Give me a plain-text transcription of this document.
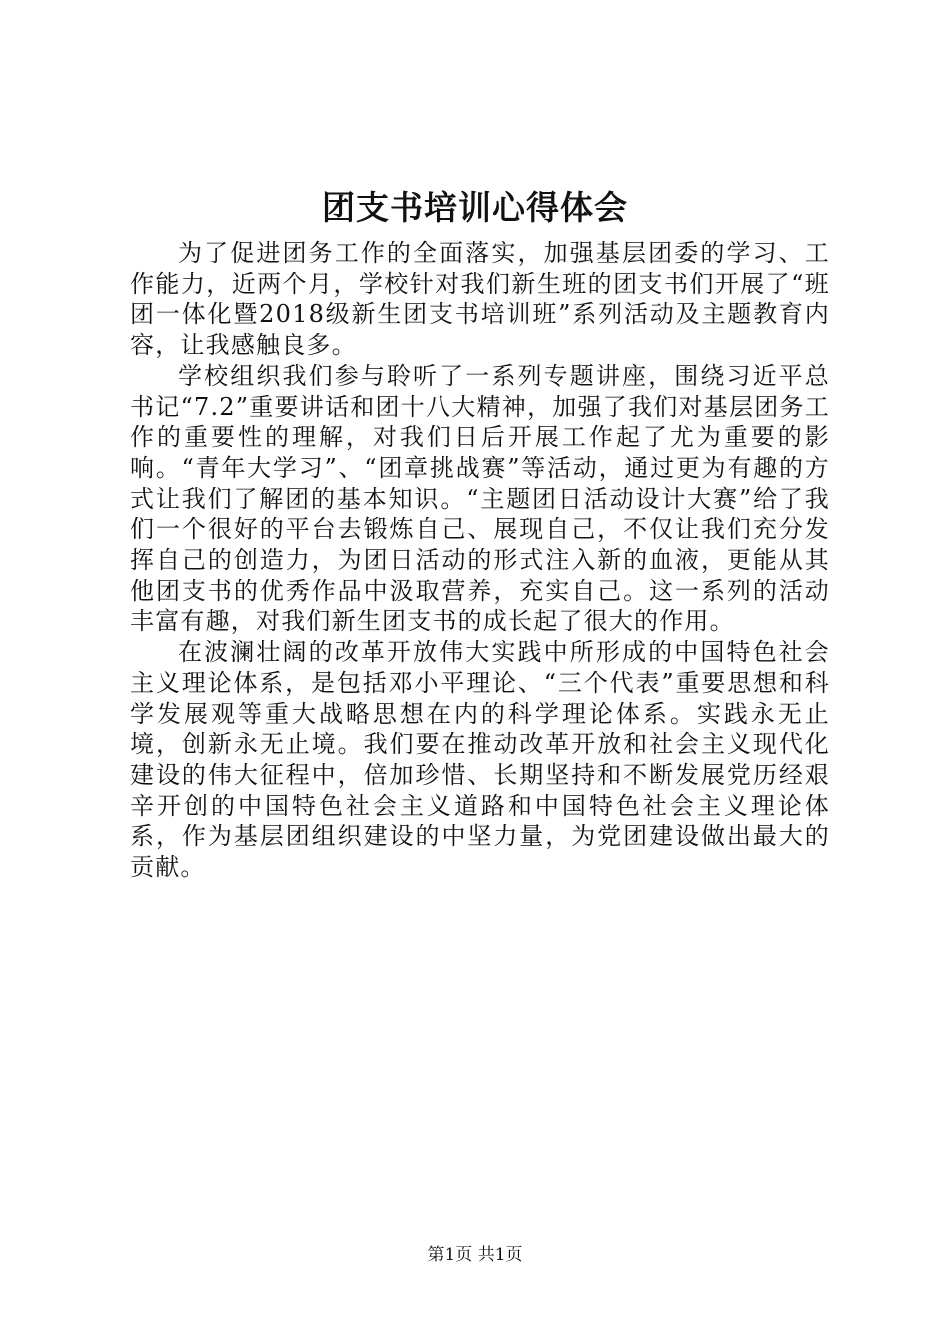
团支书培训心得体会

为了促进团务工作的全面落实，加强基层团委的学习、工作能力，近两个月，学校针对我们新生班的团支书们开展了“班团一体化暨2018级新生团支书培训班”系列活动及主题教育内容，让我感触良多。

学校组织我们参与聆听了一系列专题讲座，围绕习近平总书记“7.2”重要讲话和团十八大精神，加强了我们对基层团务工作的重要性的理解，对我们日后开展工作起了尤为重要的影响。“青年大学习”、“团章挑战赛”等活动，通过更为有趣的方式让我们了解团的基本知识。“主题团日活动设计大赛”给了我们一个很好的平台去锻炼自己、展现自己，不仅让我们充分发挥自己的创造力，为团日活动的形式注入新的血液，更能从其他团支书的优秀作品中汲取营养，充实自己。这一系列的活动丰富有趣，对我们新生团支书的成长起了很大的作用。

在波澜壮阔的改革开放伟大实践中所形成的中国特色社会主义理论体系，是包括邓小平理论、“三个代表”重要思想和科学发展观等重大战略思想在内的科学理论体系。实践永无止境，创新永无止境。我们要在推动改革开放和社会主义现代化建设的伟大征程中，倍加珍惜、长期坚持和不断发展党历经艰辛开创的中国特色社会主义道路和中国特色社会主义理论体系，作为基层团组织建设的中坚力量，为党团建设做出最大的贡献。

第1页 共1页
